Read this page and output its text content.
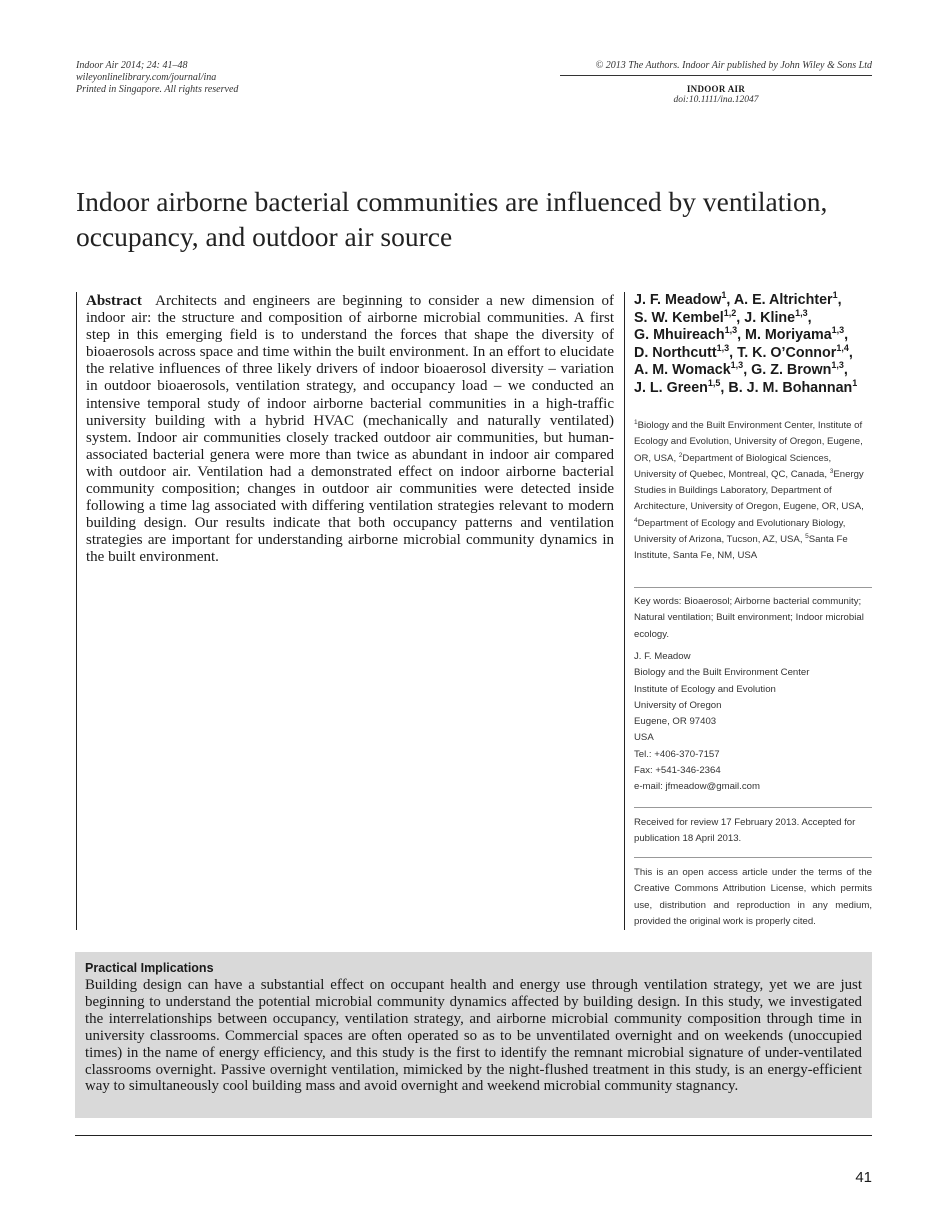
Indoor Air 2014; 24: 41–48
wileyonlinelibrary.com/journal/ina
Printed in Singapore. All rights reserved
© 2013 The Authors. Indoor Air published by John Wiley & Sons Ltd
INDOOR AIR
doi:10.1111/ina.12047
Indoor airborne bacterial communities are influenced by ventilation, occupancy, and outdoor air source

Abstract Architects and engineers are beginning to consider a new dimension of indoor air: the structure and composition of airborne microbial communities. A first step in this emerging field is to understand the forces that shape the diversity of bioaerosols across space and time within the built environment. In an effort to elucidate the relative influences of three likely drivers of indoor bioaerosol diversity – variation in outdoor bioaerosols, ventilation strategy, and occupancy load – we conducted an intensive temporal study of indoor airborne bacterial communities in a high-traffic university building with a hybrid HVAC (mechanically and naturally ventilated) system. Indoor air communities closely tracked outdoor air communities, but human-associated bacterial genera were more than twice as abundant in indoor air compared with outdoor air. Ventilation had a demonstrated effect on indoor airborne bacterial community composition; changes in outdoor air communities were detected inside following a time lag associated with differing ventilation strategies relevant to modern building design. Our results indicate that both occupancy patterns and ventilation strategies are important for understanding airborne microbial community dynamics in the built environment.

J. F. Meadow$^1$, A. E. Altrichter$^1$,
S. W. Kembel$^{1,2}$, J. Kline$^{1,3}$,
G. Mhuireach$^{1,3}$, M. Moriyama$^{1,3}$,
D. Northcutt$^{1,3}$, T. K. O’Connor$^{1,4}$,
A. M. Womack$^{1,3}$, G. Z. Brown$^{1,3}$,
J. L. Green$^{1,5}$, B. J. M. Bohannan$^1$

$^1$Biology and the Built Environment Center, Institute of Ecology and Evolution, University of Oregon, Eugene, OR, USA, $^2$Department of Biological Sciences, University of Quebec, Montreal, QC, Canada, $^3$Energy Studies in Buildings Laboratory, Department of Architecture, University of Oregon, Eugene, OR, USA, $^4$Department of Ecology and Evolutionary Biology, University of Arizona, Tucson, AZ, USA, $^5$Santa Fe Institute, Santa Fe, NM, USA

Key words: Bioaerosol; Airborne bacterial community; Natural ventilation; Built environment; Indoor microbial ecology.

J. F. Meadow
Biology and the Built Environment Center
Institute of Ecology and Evolution
University of Oregon
Eugene, OR 97403
USA
Tel.: +406-370-7157
Fax: +541-346-2364
e-mail: jfmeadow@gmail.com

Received for review 17 February 2013. Accepted for publication 18 April 2013.

This is an open access article under the terms of the Creative Commons Attribution License, which permits use, distribution and reproduction in any medium, provided the original work is properly cited.

Practical Implications

Building design can have a substantial effect on occupant health and energy use through ventilation strategy, yet we are just beginning to understand the potential microbial community dynamics affected by building design. In this study, we investigated the interrelationships between occupancy, ventilation strategy, and airborne microbial community composition through time in university classrooms. Commercial spaces are often operated so as to be unventilated overnight and on weekends (unoccupied times) in the name of energy efficiency, and this study is the first to identify the remnant microbial signature of under-ventilated classrooms overnight. Passive overnight ventilation, mimicked by the night-flushed treatment in this study, is an energy-efficient way to simultaneously cool building mass and avoid overnight and weekend microbial community stagnancy.

41
